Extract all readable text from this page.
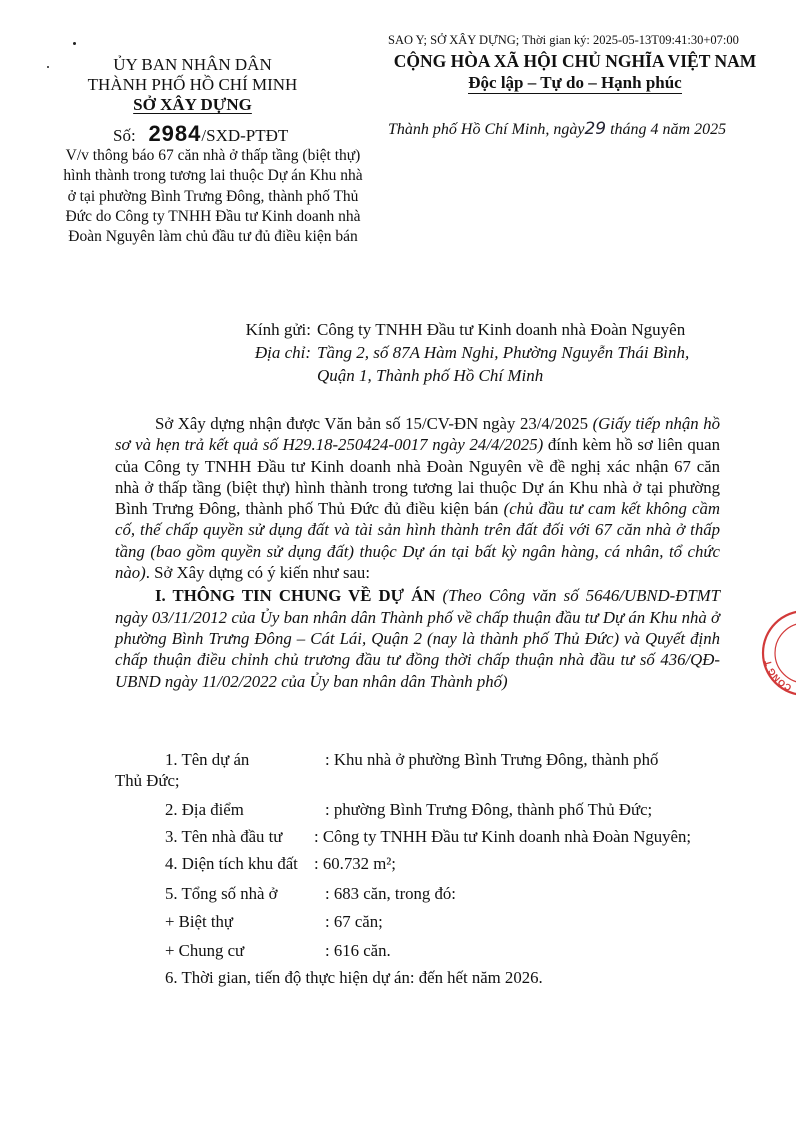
ỦY BAN NHÂN DÂN
THÀNH PHỐ HỒ CHÍ MINH
SỞ XÂY DỰNG
Số: 2984/SXD-PTĐT
V/v thông báo 67 căn nhà ở thấp tầng (biệt thự) hình thành trong tương lai thuộc Dự án Khu nhà ở tại phường Bình Trưng Đông, thành phố Thủ Đức do Công ty TNHH Đầu tư Kinh doanh nhà Đoàn Nguyên làm chủ đầu tư đủ điều kiện bán
SAO Y; SỞ XÂY DỰNG; Thời gian ký: 2025-05-13T09:41:30+07:00
CỘNG HÒA XÃ HỘI CHỦ NGHĨA VIỆT NAM
Độc lập – Tự do – Hạnh phúc
Thành phố Hồ Chí Minh, ngày29 tháng 4 năm 2025
Kính gửi: Công ty TNHH Đầu tư Kinh doanh nhà Đoàn Nguyên
Địa chỉ: Tầng 2, số 87A Hàm Nghi, Phường Nguyễn Thái Bình,
Quận 1, Thành phố Hồ Chí Minh

Sở Xây dựng nhận được Văn bản số 15/CV-ĐN ngày 23/4/2025 (Giấy tiếp nhận hồ sơ và hẹn trả kết quả số H29.18-250424-0017 ngày 24/4/2025) đính kèm hồ sơ liên quan của Công ty TNHH Đầu tư Kinh doanh nhà Đoàn Nguyên về đề nghị xác nhận 67 căn nhà ở thấp tầng (biệt thự) hình thành trong tương lai thuộc Dự án Khu nhà ở tại phường Bình Trưng Đông, thành phố Thủ Đức đủ điều kiện bán (chủ đầu tư cam kết không cầm cố, thế chấp quyền sử dụng đất và tài sản hình thành trên đất đối với 67 căn nhà ở thấp tầng (bao gồm quyền sử dụng đất) thuộc Dự án tại bất kỳ ngân hàng, cá nhân, tổ chức nào). Sở Xây dựng có ý kiến như sau:

I. THÔNG TIN CHUNG VỀ DỰ ÁN (Theo Công văn số 5646/UBND-ĐTMT ngày 03/11/2012 của Ủy ban nhân dân Thành phố về chấp thuận đầu tư Dự án Khu nhà ở phường Bình Trưng Đông – Cát Lái, Quận 2 (nay là thành phố Thủ Đức) và Quyết định chấp thuận điều chỉnh chủ trương đầu tư đồng thời chấp thuận nhà đầu tư số 436/QĐ-UBND ngày 11/02/2022 của Ủy ban nhân dân Thành phố)

1. Tên dự án	: Khu nhà ở phường Bình Trưng Đông, thành phố
Thủ Đức;
2. Địa điểm	: phường Bình Trưng Đông, thành phố Thủ Đức;
3. Tên nhà đầu tư : Công ty TNHH Đầu tư Kinh doanh nhà Đoàn Nguyên;
4. Diện tích khu đất : 60.732 m²;
5. Tổng số nhà ở	: 683 căn, trong đó:
+ Biệt thự	: 67 căn;
+ Chung cư	: 616 căn.
6. Thời gian, tiến độ thực hiện dự án: đến hết năm 2026.
CÔNG T
